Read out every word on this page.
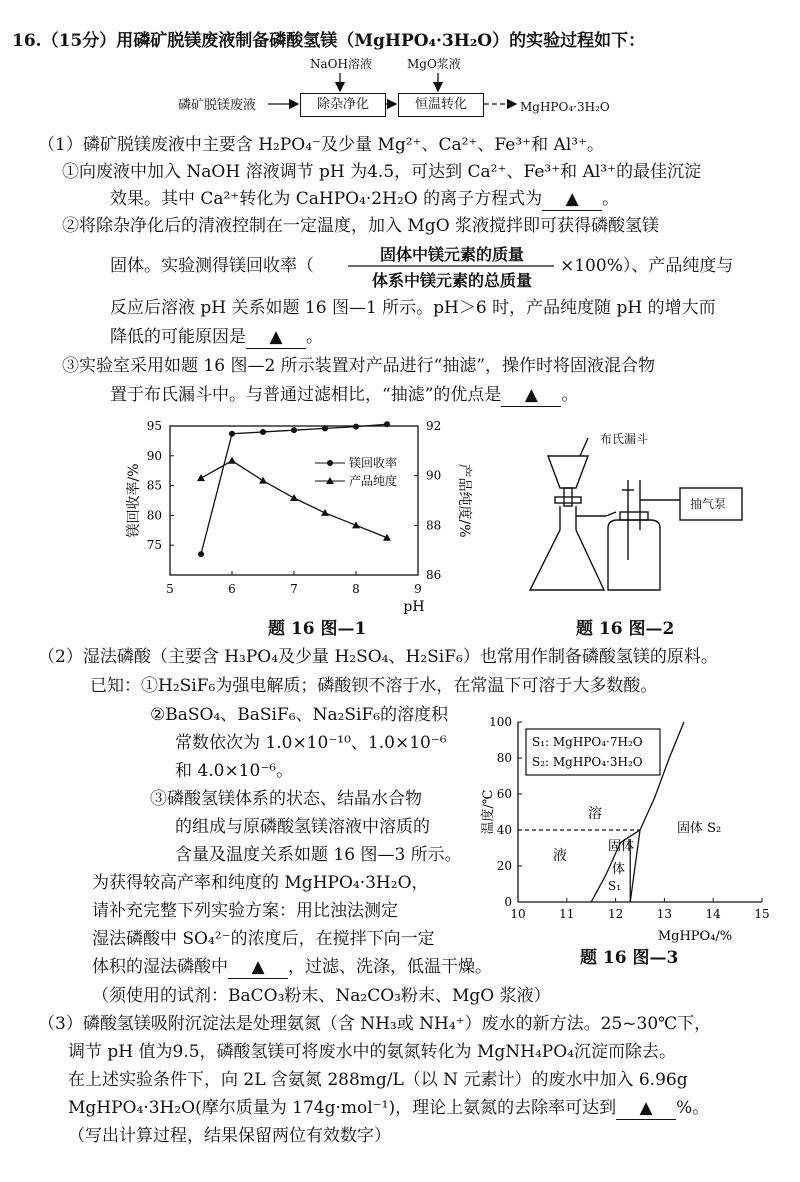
16.（15分）用磷矿脱镁废液制备磷酸氢镁（MgHPO₄·3H₂O）的实验过程如下：
NaOH溶液	MgO浆液
磷矿脱镁废液	除杂净化	恒温转化	MgHPO₄·3H₂O
（1）磷矿脱镁废液中主要含 H₂PO₄⁻及少量 Mg²⁺、Ca²⁺、Fe³⁺和 Al³⁺。
①向废液中加入 NaOH 溶液调节 pH 为4.5，可达到 Ca²⁺、Fe³⁺和 Al³⁺的最佳沉淀
效果。其中 Ca²⁺转化为 CaHPO₄·2H₂O 的离子方程式为 ▲ 。
②将除杂净化后的清液控制在一定温度，加入 MgO 浆液搅拌即可获得磷酸氢镁
固体。实验测得镁回收率（
固体中镁元素的质量
体系中镁元素的总质量
×100%）、产品纯度与
反应后溶液 pH 关系如题 16 图—1 所示。pH＞6 时，产品纯度随 pH 的增大而
降低的可能原因是 ▲ 。
③实验室采用如题 16 图—2 所示装置对产品进行“抽滤”，操作时将固液混合物
置于布氏漏斗中。与普通过滤相比，“抽滤”的优点是 ▲ 。
5	6	7	8	9
75
80
85
90
95
86
88
90
92
pH
镁回收率/%	产品纯度/%
镁回收率
产品纯度
题 16 图—1
布氏漏斗
抽气泵
题 16 图—2
（2）湿法磷酸（主要含 H₃PO₄及少量 H₂SO₄、H₂SiF₆）也常用作制备磷酸氢镁的原料。
已知：①H₂SiF₆为强电解质；磷酸钡不溶于水，在常温下可溶于大多数酸。
②BaSO₄、BaSiF₆、Na₂SiF₆的溶度积
常数依次为 1.0×10⁻¹⁰、1.0×10⁻⁶
和 4.0×10⁻⁶。
③磷酸氢镁体系的状态、结晶水合物
的组成与原磷酸氢镁溶液中溶质的
含量及温度关系如题 16 图—3 所示。
为获得较高产率和纯度的 MgHPO₄·3H₂O，
请补充完整下列实验方案：用比浊法测定
湿法磷酸中 SO₄²⁻的浓度后，在搅拌下向一定
体积的湿法磷酸中 ▲ ，过滤、洗涤，低温干燥。
（须使用的试剂：BaCO₃粉末、Na₂CO₃粉末、MgO 浆液）
10	11	12	13	14	15
0
20
40
60
80
100
MgHPO₄/%
温度/℃
S₁: MgHPO₄·7H₂O
S₂: MgHPO₄·3H₂O
溶
液
固体
S₁
固体 S₂
体
题 16 图—3
（3）磷酸氢镁吸附沉淀法是处理氨氮（含 NH₃或 NH₄⁺）废水的新方法。25~30℃下，
调节 pH 值为9.5，磷酸氢镁可将废水中的氨氮转化为 MgNH₄PO₄沉淀而除去。
在上述实验条件下，向 2L 含氨氮 288mg/L（以 N 元素计）的废水中加入 6.96g
MgHPO₄·3H₂O(摩尔质量为 174g·mol⁻¹)，理论上氨氮的去除率可达到 ▲ %。
（写出计算过程，结果保留两位有效数字）
